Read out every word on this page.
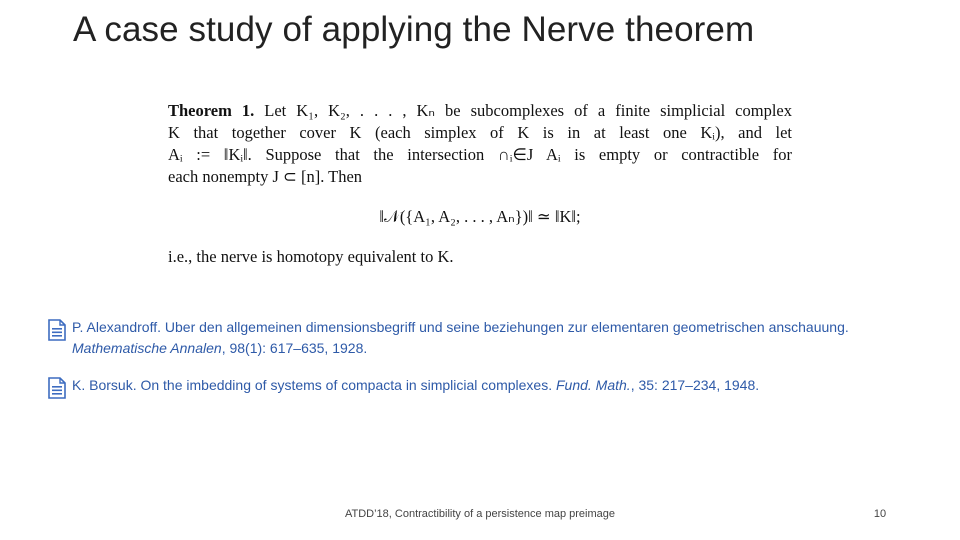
A case study of applying the Nerve theorem
Theorem 1. Let K₁, K₂, . . . , Kₙ be subcomplexes of a finite simplicial complex
K that together cover K (each simplex of K is in at least one Kᵢ), and let
Aᵢ := ‖Kᵢ‖. Suppose that the intersection ∩ᵢ∈J Aᵢ is empty or contractible for
each nonempty J ⊂ [n]. Then
‖𝒩({A₁, A₂, . . . , Aₙ})‖ ≃ ‖K‖;
i.e., the nerve is homotopy equivalent to K.
P. Alexandroff. Uber den allgemeinen dimensionsbegriff und seine beziehungen zur elementaren geometrischen anschauung. Mathematische Annalen, 98(1): 617–635, 1928.
K. Borsuk. On the imbedding of systems of compacta in simplicial complexes. Fund. Math., 35: 217–234, 1948.
ATDD’18, Contractibility of a persistence map preimage	10
